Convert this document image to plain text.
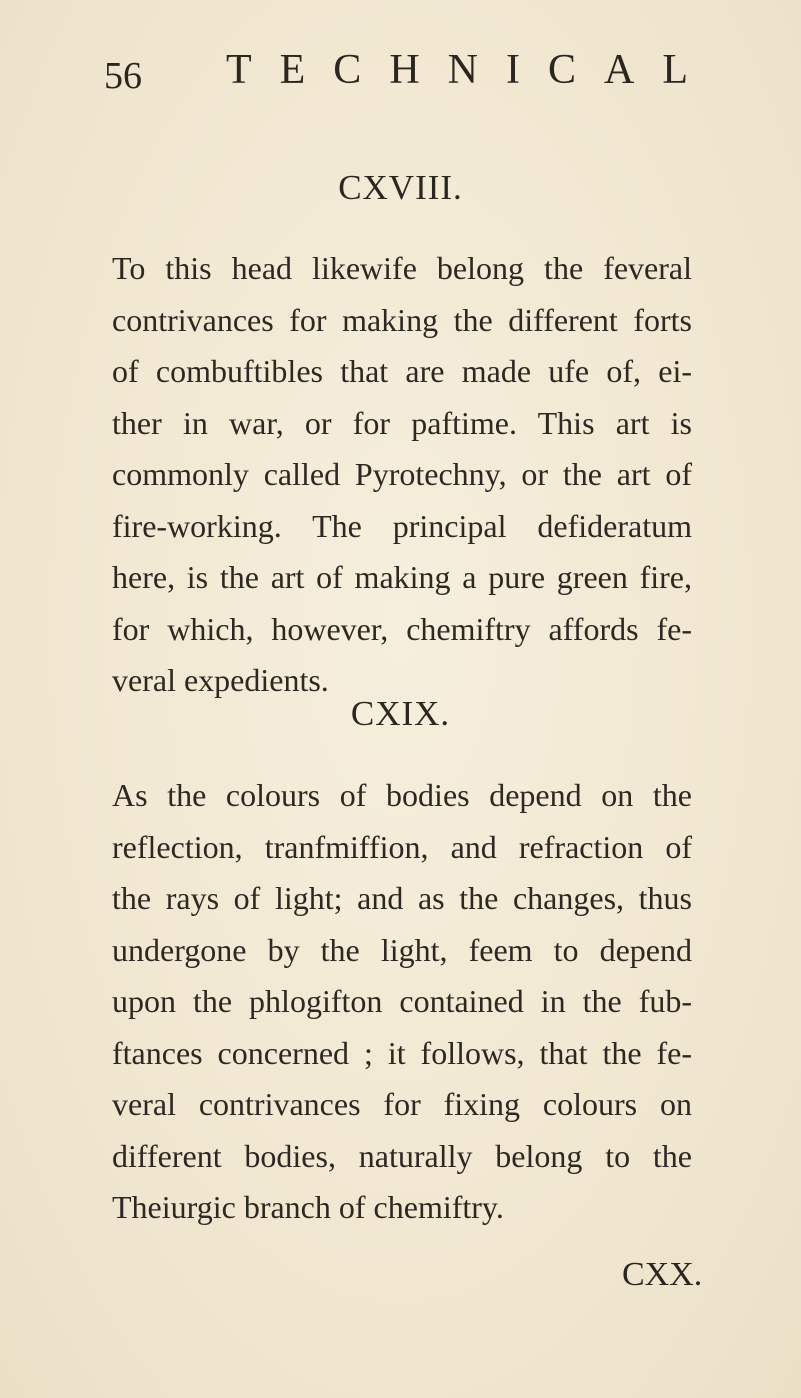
56 TECHNICAL
CXVIII.
To this head likewife belong the feveral
contrivances for making the different forts
of combuftibles that are made ufe of, ei-
ther in war, or for paftime. This art is
commonly called Pyrotechny, or the art of
fire-working. The principal defideratum
here, is the art of making a pure green fire,
for which, however, chemiftry affords fe-
veral expedients.
CXIX.
As the colours of bodies depend on the
reflection, tranfmiffion, and refraction of
the rays of light; and as the changes, thus
undergone by the light, feem to depend
upon the phlogifton contained in the fub-
ftances concerned ; it follows, that the fe-
veral contrivances for fixing colours on
different bodies, naturally belong to the
Theiurgic branch of chemiftry.
CXX.
